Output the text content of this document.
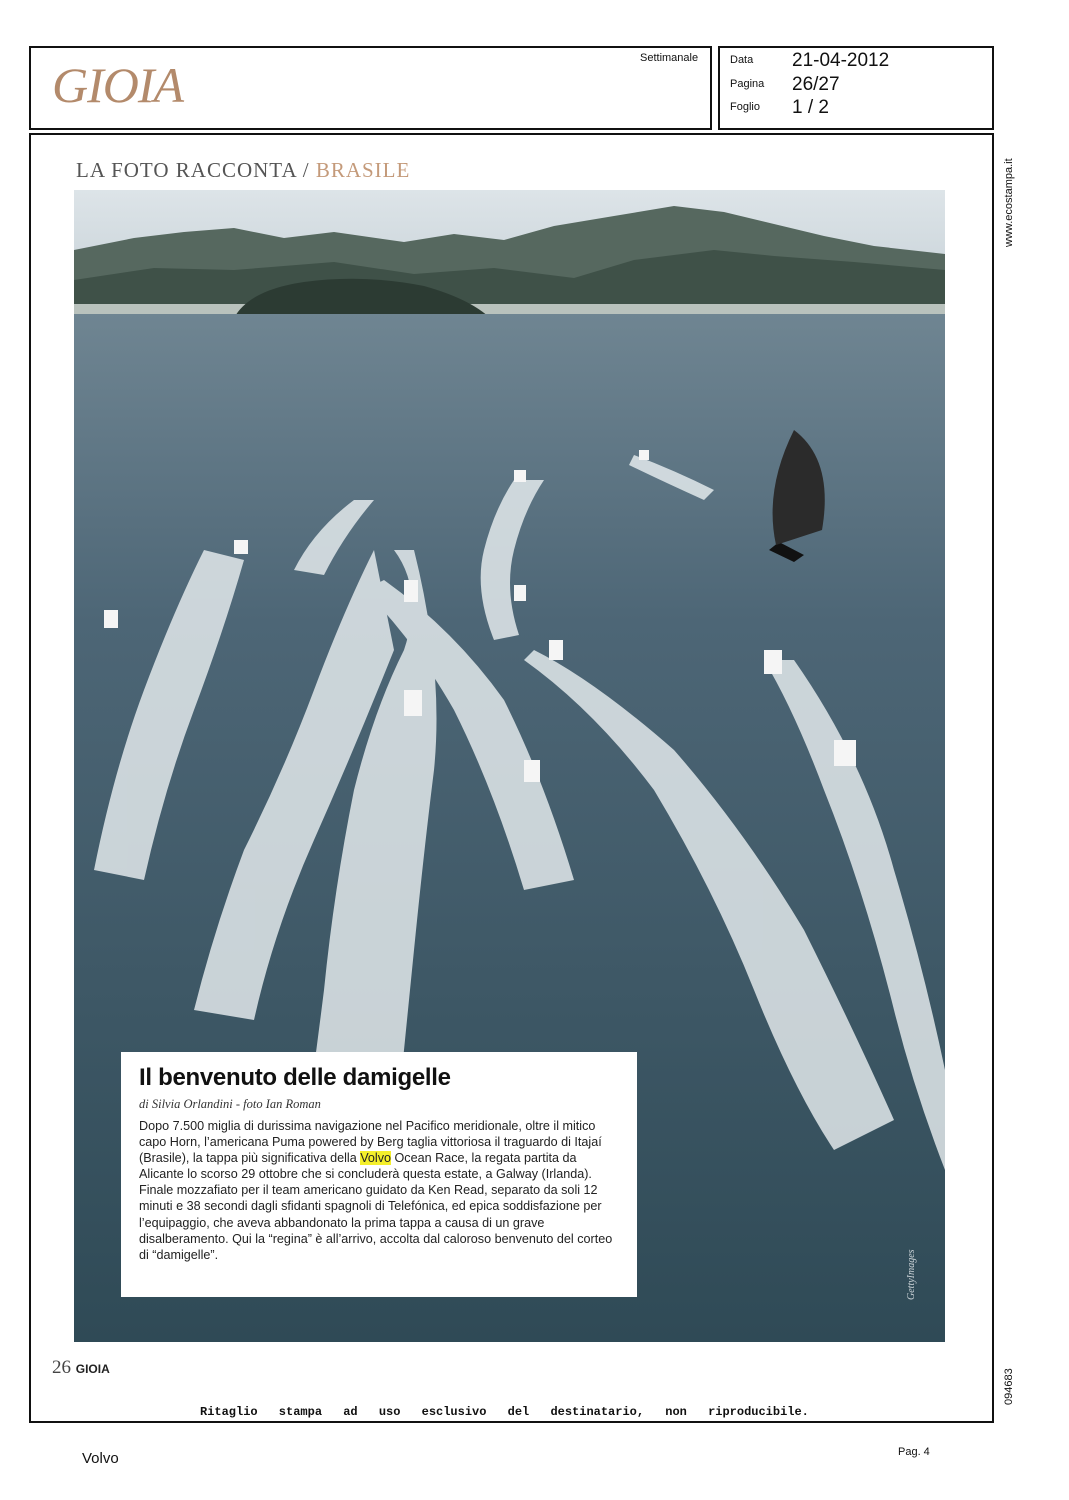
GIOIA	Settimanale	Data 21-04-2012
Pagina 26/27
Foglio 1 / 2
LA FOTO RACCONTA / BRASILE
GettyImages

Il benvenuto delle damigelle

di Silvia Orlandini - foto Ian Roman

Dopo 7.500 miglia di durissima navigazione nel Pacifico meridionale, oltre il mitico capo Horn, l’americana Puma powered by Berg taglia vittoriosa il traguardo di Itajaí (Brasile), la tappa più significativa della Volvo Ocean Race, la regata partita da Alicante lo scorso 29 ottobre che si concluderà questa estate, a Galway (Irlanda). Finale mozzafiato per il team americano guidato da Ken Read, separato da soli 12 minuti e 38 secondi dagli sfidanti spagnoli di Telefónica, ed epica soddisfazione per l’equipaggio, che aveva abbandonato la prima tappa a causa di un grave disalberamento. Qui la “regina” è all’arrivo, accolta dal caloroso benvenuto del corteo di “damigelle”.

26 GIOIA
www.ecostampa.it
094683
Ritaglio stampa ad uso esclusivo del destinatario, non riproducibile.
Volvo	Pag. 4
